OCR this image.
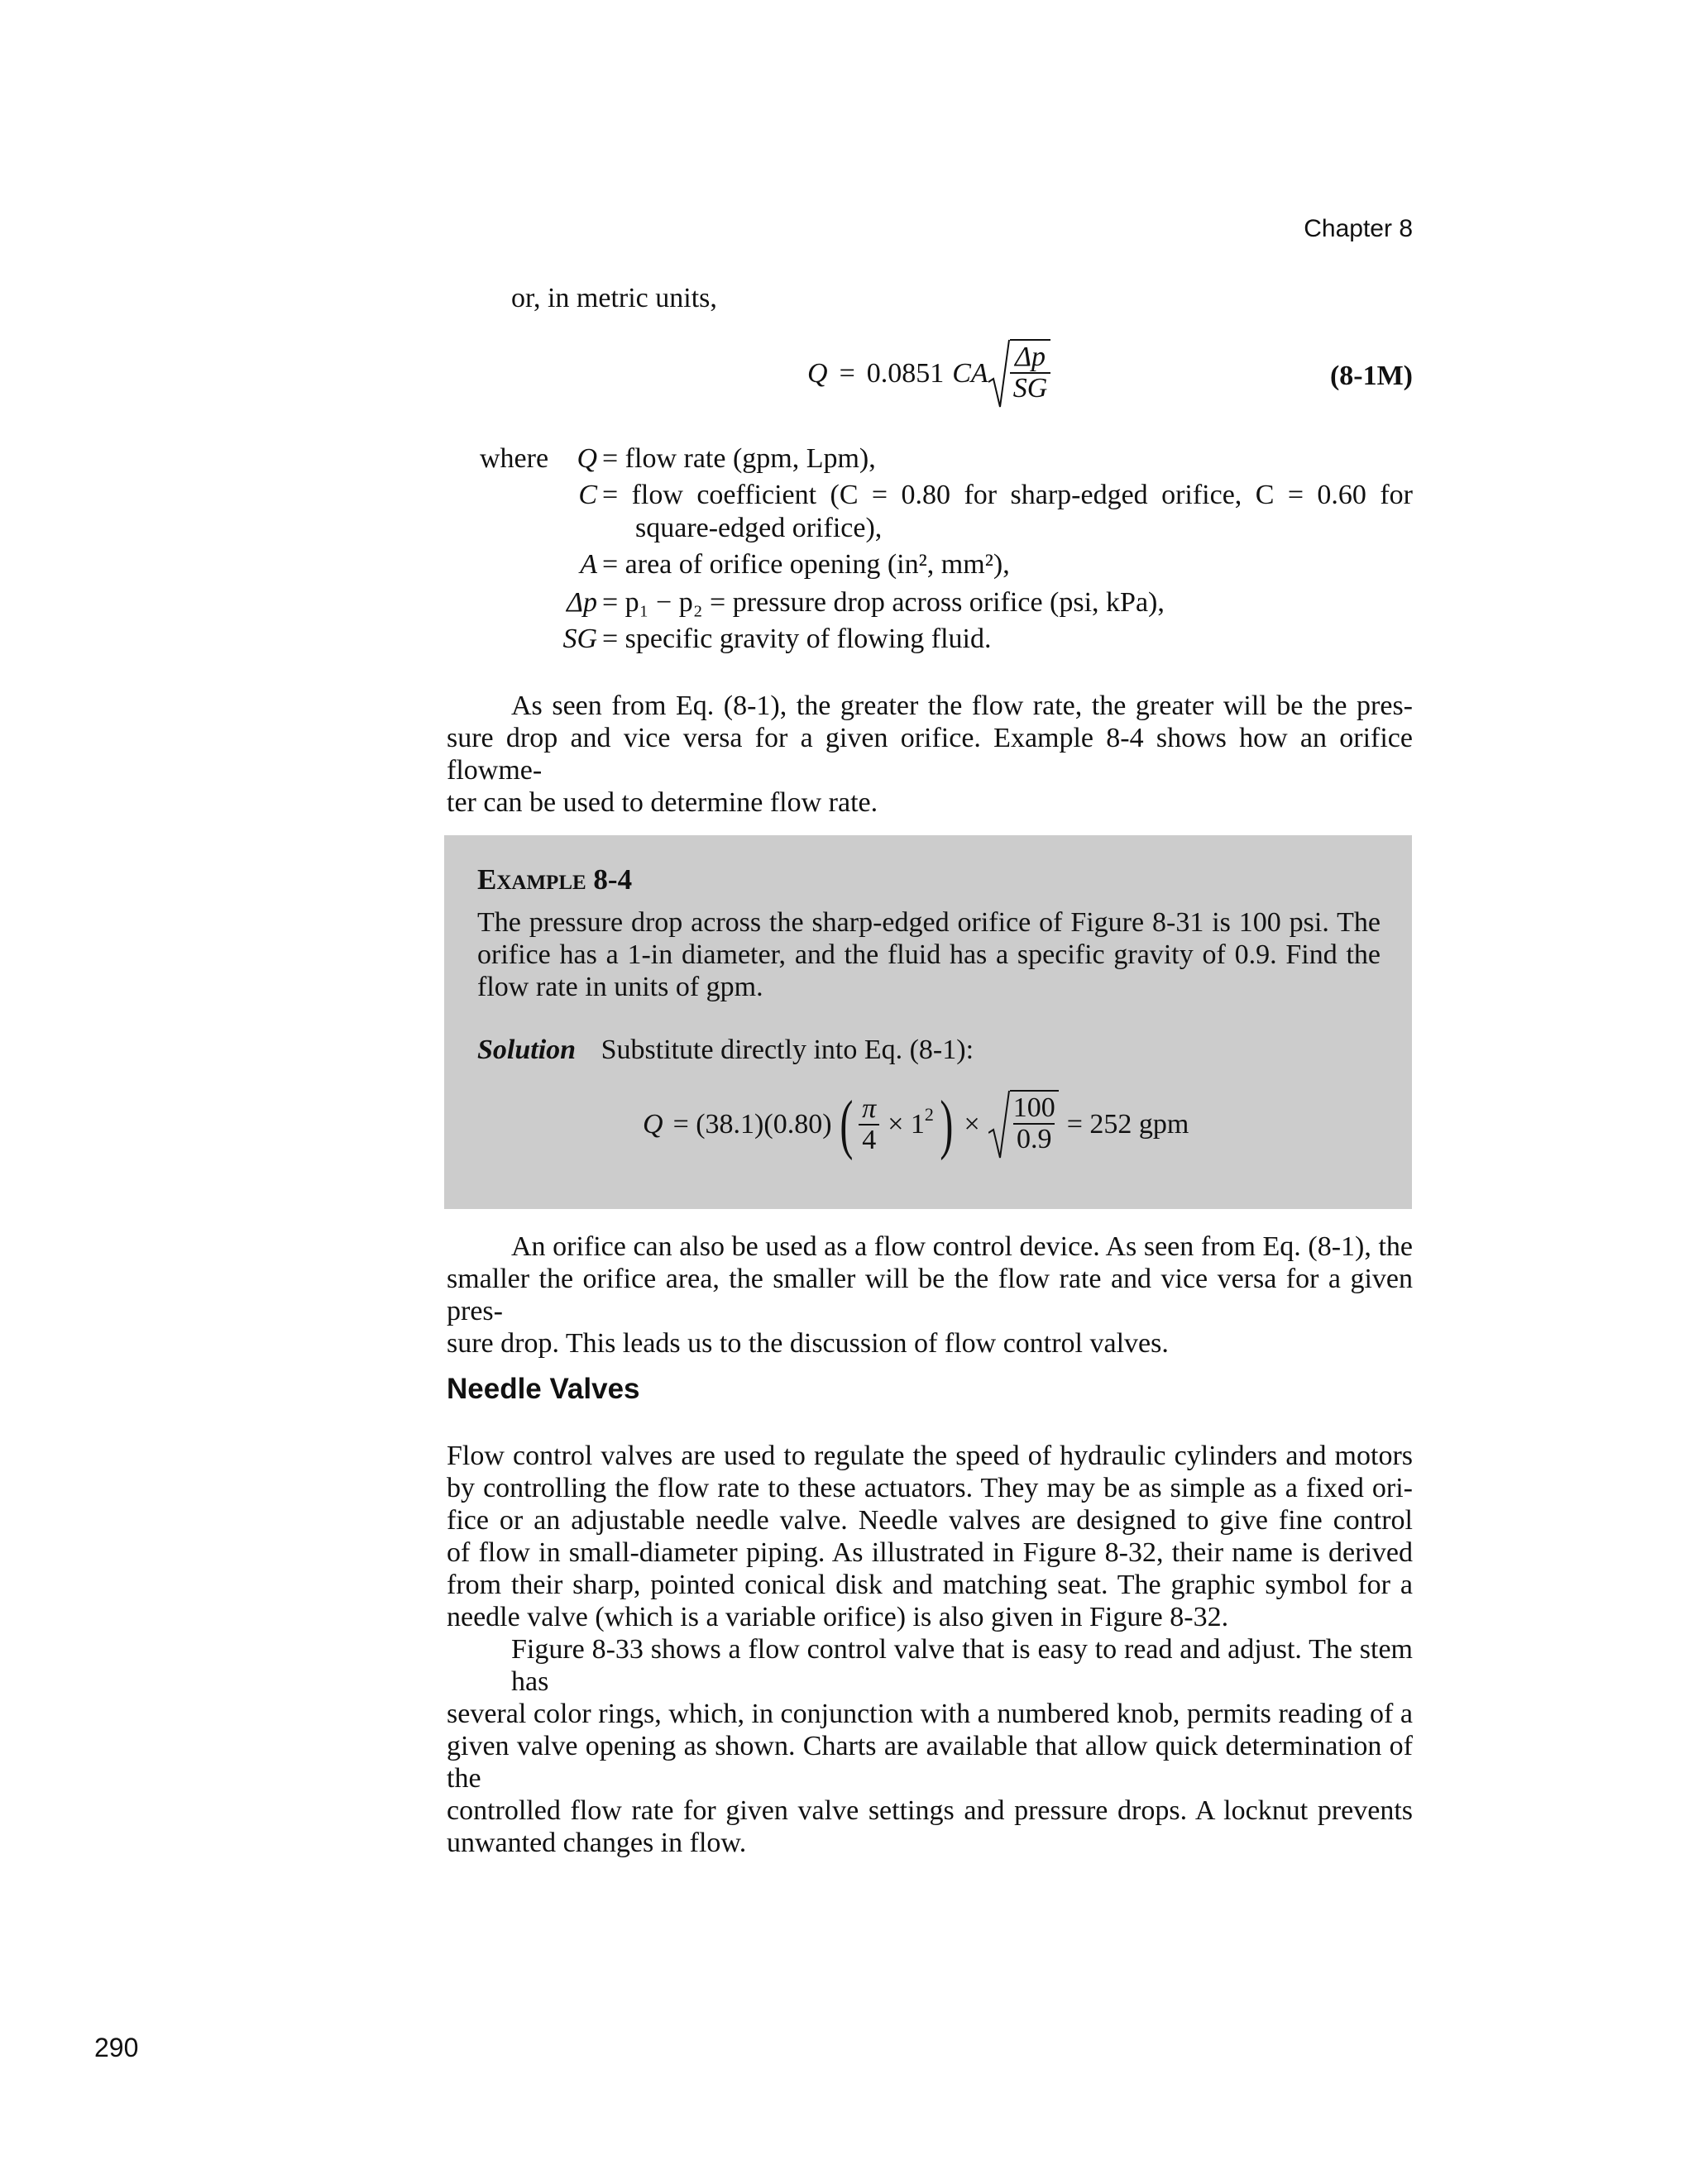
Chapter 8
or, in metric units,
Q = 0.0851 CA $\frac{\Delta p}{SG}$	(8-1M)
where	Q = flow rate (gpm, Lpm),
C = flow coefficient (C = 0.80 for sharp-edged orifice, C = 0.60 for
square-edged orifice),
A = area of orifice opening (in², mm²),
Δp = p₁ − p₂ = pressure drop across orifice (psi, kPa),
SG = specific gravity of flowing fluid.
As seen from Eq. (8-1), the greater the flow rate, the greater will be the pres-
sure drop and vice versa for a given orifice. Example 8-4 shows how an orifice flowme-
ter can be used to determine flow rate.
Example 8-4
The pressure drop across the sharp-edged orifice of Figure 8-31 is 100 psi. The
orifice has a 1-in diameter, and the fluid has a specific gravity of 0.9. Find the
flow rate in units of gpm.
Solution Substitute directly into Eq. (8-1):
Q = (38.1)(0.80) ( $\frac{\pi}{4} \times 1^2$ ) × $\frac{100}{0.9} = 252$ gpm
An orifice can also be used as a flow control device. As seen from Eq. (8-1), the
smaller the orifice area, the smaller will be the flow rate and vice versa for a given pres-
sure drop. This leads us to the discussion of flow control valves.
Needle Valves
Flow control valves are used to regulate the speed of hydraulic cylinders and motors
by controlling the flow rate to these actuators. They may be as simple as a fixed ori-
fice or an adjustable needle valve. Needle valves are designed to give fine control
of flow in small-diameter piping. As illustrated in Figure 8-32, their name is derived
from their sharp, pointed conical disk and matching seat. The graphic symbol for a
needle valve (which is a variable orifice) is also given in Figure 8-32.
Figure 8-33 shows a flow control valve that is easy to read and adjust. The stem has
several color rings, which, in conjunction with a numbered knob, permits reading of a
given valve opening as shown. Charts are available that allow quick determination of the
controlled flow rate for given valve settings and pressure drops. A locknut prevents
unwanted changes in flow.
290
